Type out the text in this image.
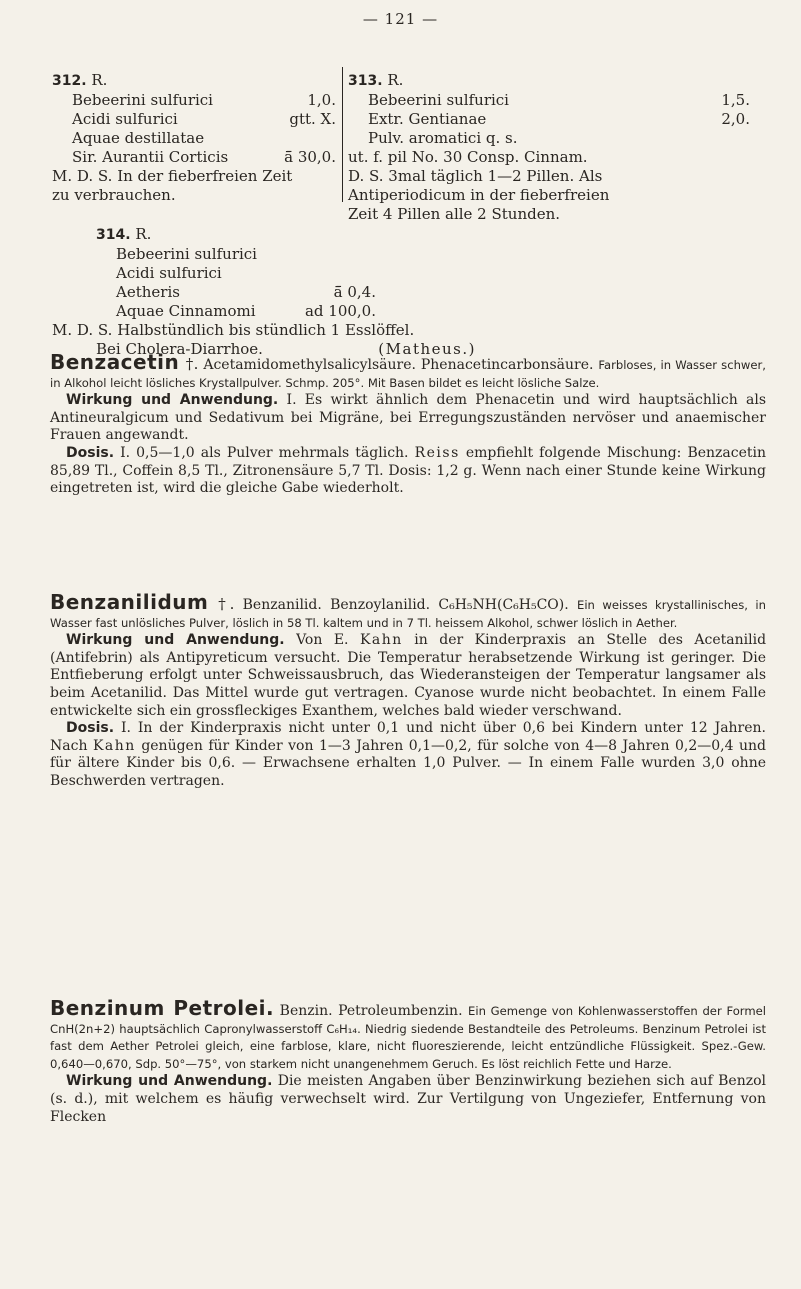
— 121 —
312. R.
Bebeerini sulfurici	1,0.
Acidi sulfurici	gtt. X.
Aquae destillatae
Sir. Aurantii Corticis	ā̄ 30,0.
M. D. S. In der fieberfreien Zeit
zu verbrauchen.
313. R.
Bebeerini sulfurici	1,5.
Extr. Gentianae	2,0.
Pulv. aromatici q. s.
ut. f. pil No. 30 Consp. Cinnam.
D. S. 3mal täglich 1—2 Pillen. Als
Antiperiodicum in der fieberfreien
Zeit 4 Pillen alle 2 Stunden.
314. R.
Bebeerini sulfurici
Acidi sulfurici
Aetheris	ā̄ 0,4.
Aquae Cinnamomi	ad 100,0.
M. D. S. Halbstündlich bis stündlich 1 Esslöffel.
Bei Cholera-Diarrhoe.	(Matheus.)

Benzacetin †. Acetamidomethylsalicylsäure. Phenacetincarbonsäure. Farbloses, in Wasser schwer, in Alkohol leicht lösliches Krystallpulver. Schmp. 205°. Mit Basen bildet es leicht lösliche Salze.

Wirkung und Anwendung. I. Es wirkt ähnlich dem Phenacetin und wird hauptsächlich als Antineuralgicum und Sedativum bei Migräne, bei Erregungszuständen nervöser und anaemischer Frauen angewandt.

Dosis. I. 0,5—1,0 als Pulver mehrmals täglich. Reiss empfiehlt folgende Mischung: Benzacetin 85,89 Tl., Coffein 8,5 Tl., Zitronensäure 5,7 Tl. Dosis: 1,2 g. Wenn nach einer Stunde keine Wirkung eingetreten ist, wird die gleiche Gabe wiederholt.

Benzanilidum †. Benzanilid. Benzoylanilid. C₆H₅NH(C₆H₅CO). Ein weisses krystallinisches, in Wasser fast unlösliches Pulver, löslich in 58 Tl. kaltem und in 7 Tl. heissem Alkohol, schwer löslich in Aether.

Wirkung und Anwendung. Von E. Kahn in der Kinderpraxis an Stelle des Acetanilid (Antifebrin) als Antipyreticum versucht. Die Temperatur herabsetzende Wirkung ist geringer. Die Entfieberung erfolgt unter Schweissausbruch, das Wiederansteigen der Temperatur langsamer als beim Acetanilid. Das Mittel wurde gut vertragen. Cyanose wurde nicht beobachtet. In einem Falle entwickelte sich ein grossfleckiges Exanthem, welches bald wieder verschwand.

Dosis. I. In der Kinderpraxis nicht unter 0,1 und nicht über 0,6 bei Kindern unter 12 Jahren. Nach Kahn genügen für Kinder von 1—3 Jahren 0,1—0,2, für solche von 4—8 Jahren 0,2—0,4 und für ältere Kinder bis 0,6. — Erwachsene erhalten 1,0 Pulver. — In einem Falle wurden 3,0 ohne Beschwerden vertragen.

Benzinum Petrolei. Benzin. Petroleumbenzin. Ein Gemenge von Kohlenwasserstoffen der Formel CnH(2n+2) hauptsächlich Capronylwasserstoff C₆H₁₄. Niedrig siedende Bestandteile des Petroleums. Benzinum Petrolei ist fast dem Aether Petrolei gleich, eine farblose, klare, nicht fluoreszierende, leicht entzündliche Flüssigkeit. Spez.-Gew. 0,640—0,670, Sdp. 50°—75°, von starkem nicht unangenehmem Geruch. Es löst reichlich Fette und Harze.

Wirkung und Anwendung. Die meisten Angaben über Benzinwirkung beziehen sich auf Benzol (s. d.), mit welchem es häufig verwechselt wird. Zur Vertilgung von Ungeziefer, Entfernung von Flecken
